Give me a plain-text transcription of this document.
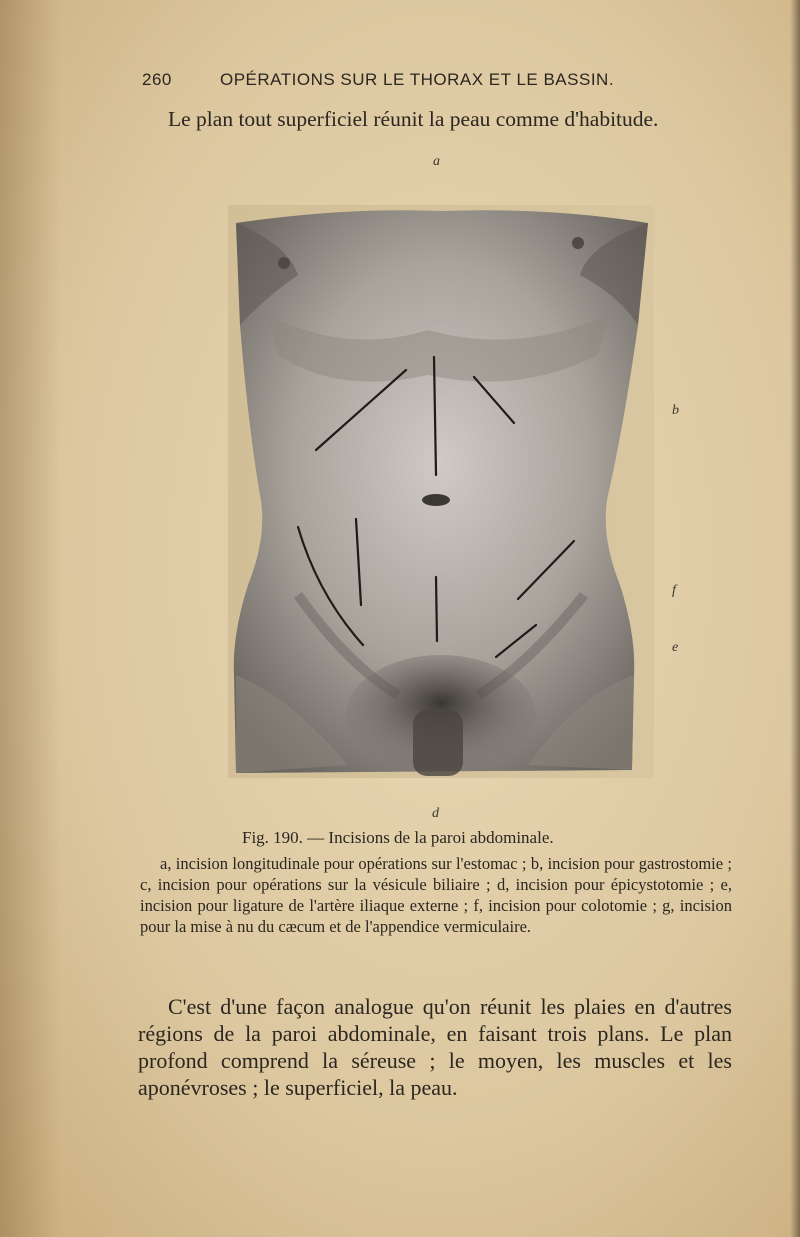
260	OPÉRATIONS SUR LE THORAX ET LE BASSIN.

Le plan tout superficiel réunit la peau comme d'habitude.

a
b
f
e
d
Fig. 190. — Incisions de la paroi abdominale.

a, incision longitudinale pour opérations sur l'estomac ; b, incision pour gastrostomie ; c, incision pour opérations sur la vésicule biliaire ; d, incision pour épicystotomie ; e, incision pour ligature de l'artère iliaque externe ; f, incision pour colotomie ; g, incision pour la mise à nu du cæcum et de l'appendice vermiculaire.

C'est d'une façon analogue qu'on réunit les plaies en d'autres régions de la paroi abdominale, en faisant trois plans. Le plan profond comprend la séreuse ; le moyen, les muscles et les aponévroses ; le superficiel, la peau.
